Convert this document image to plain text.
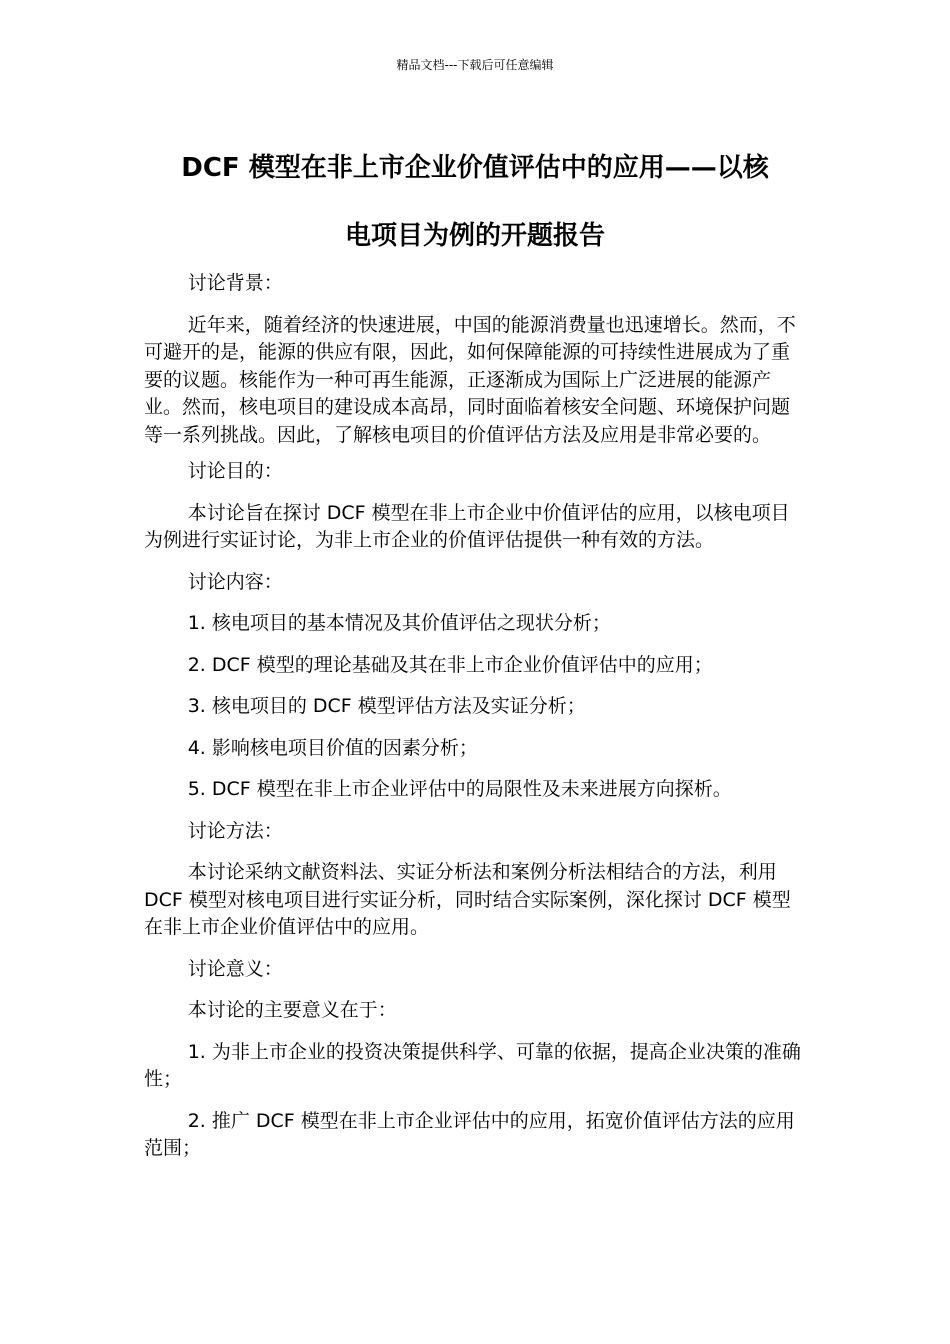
精品文档---下载后可任意编辑
DCF 模型在非上市企业价值评估中的应用——以核
电项目为例的开题报告

讨论背景：

近年来，随着经济的快速进展，中国的能源消费量也迅速增长。然而，不可避开的是，能源的供应有限，因此，如何保障能源的可持续性进展成为了重要的议题。核能作为一种可再生能源，正逐渐成为国际上广泛进展的能源产业。然而，核电项目的建设成本高昂，同时面临着核安全问题、环境保护问题等一系列挑战。因此，了解核电项目的价值评估方法及应用是非常必要的。

讨论目的：

本讨论旨在探讨 DCF 模型在非上市企业中价值评估的应用，以核电项目为例进行实证讨论，为非上市企业的价值评估提供一种有效的方法。

讨论内容：

1. 核电项目的基本情况及其价值评估之现状分析；

2. DCF 模型的理论基础及其在非上市企业价值评估中的应用；

3. 核电项目的 DCF 模型评估方法及实证分析；

4. 影响核电项目价值的因素分析；

5. DCF 模型在非上市企业评估中的局限性及未来进展方向探析。

讨论方法：

本讨论采纳文献资料法、实证分析法和案例分析法相结合的方法，利用 DCF 模型对核电项目进行实证分析，同时结合实际案例，深化探讨 DCF 模型在非上市企业价值评估中的应用。

讨论意义：

本讨论的主要意义在于：

1. 为非上市企业的投资决策提供科学、可靠的依据，提高企业决策的准确性；

2. 推广 DCF 模型在非上市企业评估中的应用，拓宽价值评估方法的应用范围；
